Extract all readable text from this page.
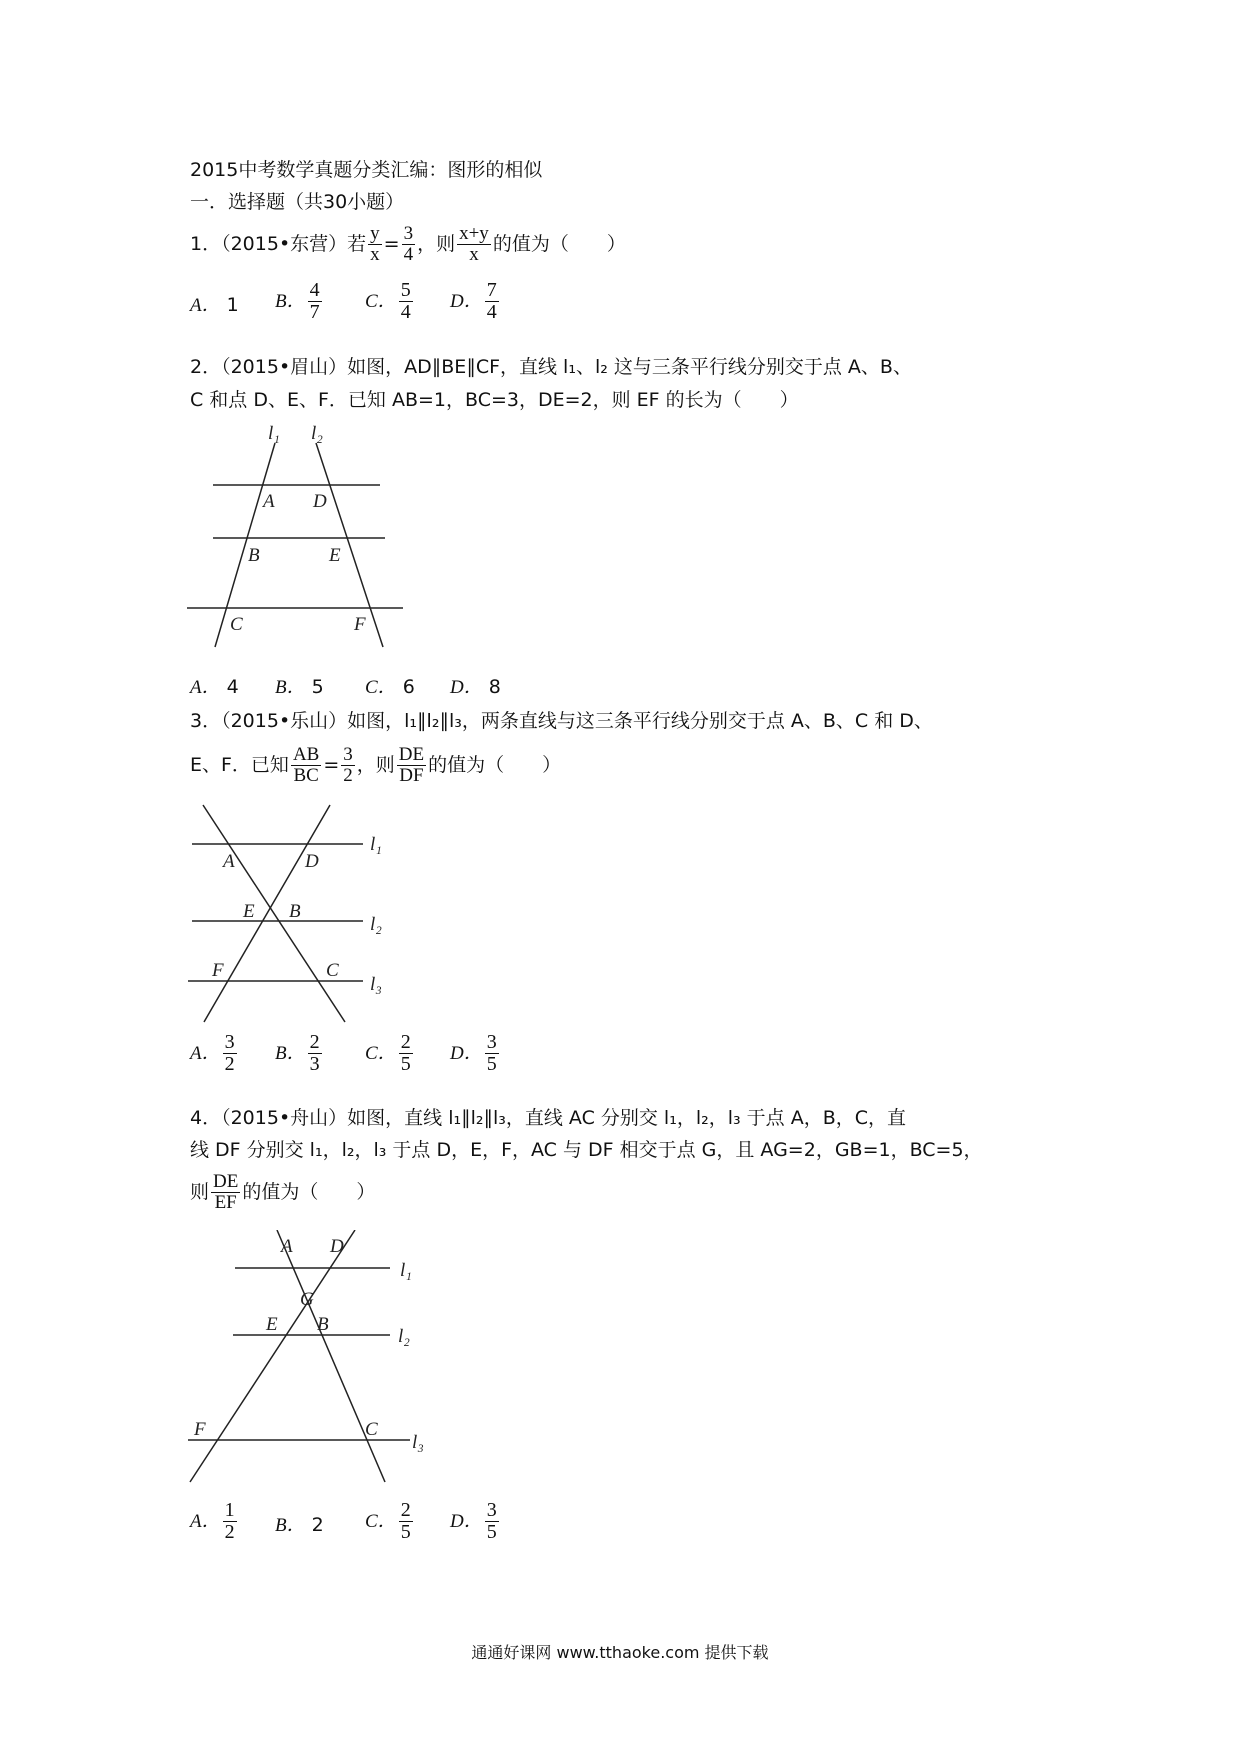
2015中考数学真题分类汇编：图形的相似
一．选择题（共30小题）
1．（2015•东营）若 $\frac{y}{x} = \frac{3}{4}$ ，则 $\frac{x+y}{x}$ 的值为（　　）
A． 1 B． $\frac{4}{7}$ C． $\frac{5}{4}$ D． $\frac{7}{4}$
2．（2015•眉山）如图，AD∥BE∥CF，直线 l₁、l₂ 这与三条平行线分别交于点 A、B、
C 和点 D、E、F．已知 AB=1，BC=3，DE=2，则 EF 的长为（　　）
l₁ l₂
A D
B	E
C	F
A． 4 B． 5 C． 6 D． 8
3．（2015•乐山）如图，l₁∥l₂∥l₃，两条直线与这三条平行线分别交于点 A、B、C 和 D、
E、F．已知 $\frac{AB}{BC} = \frac{3}{2}$ ，则 $\frac{DE}{DF}$ 的值为（　　）
A	D
l₁
E B
l₂
F	C
l₃
A． $\frac{3}{2}$ B． $\frac{2}{3}$ C． $\frac{2}{5}$ D． $\frac{3}{5}$
4．（2015•舟山）如图，直线 l₁∥l₂∥l₃，直线 AC 分别交 l₁，l₂，l₃ 于点 A，B，C，直
线 DF 分别交 l₁，l₂，l₃ 于点 D，E，F，AC 与 DF 相交于点 G，且 AG=2，GB=1，BC=5，
则 $\frac{DE}{EF}$ 的值为（　　）
A D
l₁
G
E B
l₂
F	C
l₃
A． $\frac{1}{2}$ B． 2 C． $\frac{2}{5}$ D． $\frac{3}{5}$
通通好课网 www.tthaoke.com 提供下载
